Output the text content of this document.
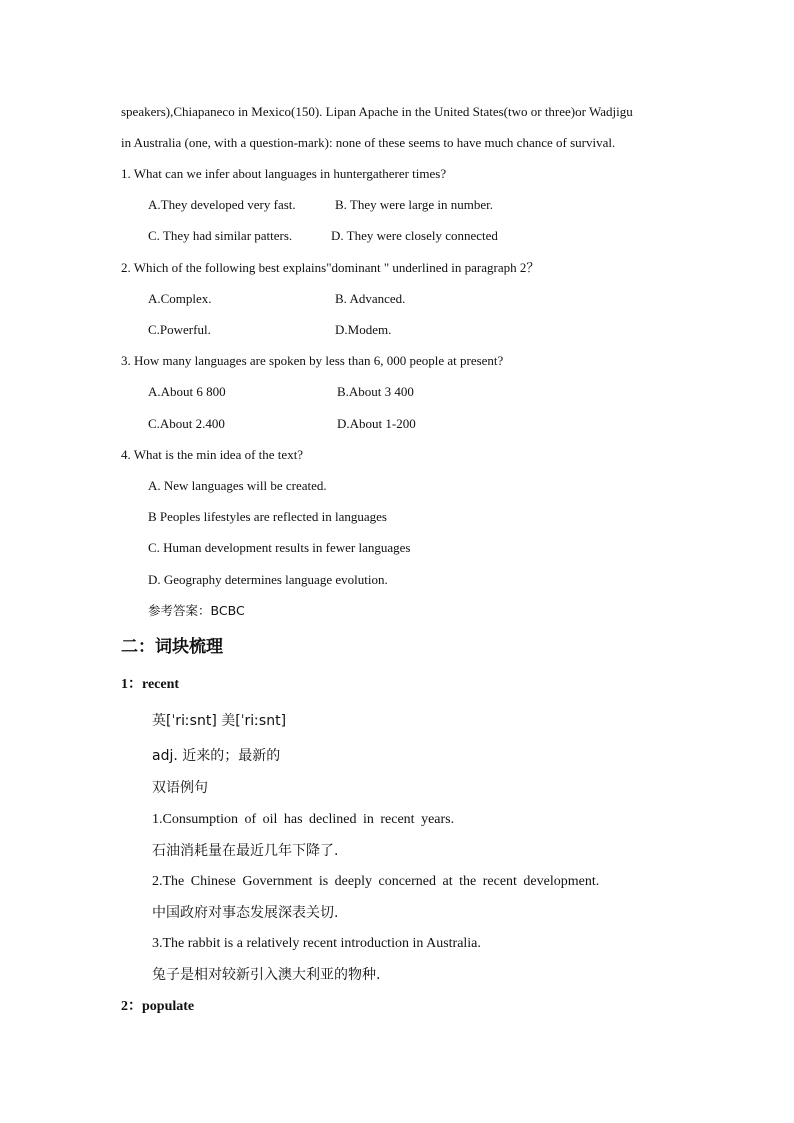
speakers),Chiapaneco in Mexico(150). Lipan Apache in the United States(two or three)or Wadjigu
in Australia (one, with a question-mark): none of these seems to have much chance of survival.
1. What can we infer about languages in huntergatherer times?
A.They developed very fast.	B. They were large in number.
C. They had similar patters.	D. They were closely connected
2. Which of the following best explains"dominant " underlined in paragraph 2？
A.Complex.	B. Advanced.
C.Powerful.	D.Modem.
3. How many languages are spoken by less than 6, 000 people at present?
A.About 6 800	B.About 3 400
C.About 2.400	D.About 1-200
4. What is the min idea of the text?
A. New languages will be created.
B Peoples lifestyles are reflected in languages
C. Human development results in fewer languages
D. Geography determines language evolution.
参考答案：BCBC
二：词块梳理
1：recent
英[ˈriːsnt] 美[ˈriːsnt]
adj. 近来的；最新的
双语例句
1.Consumption of oil has declined in recent years.
石油消耗量在最近几年下降了.
2.The Chinese Government is deeply concerned at the recent development.
中国政府对事态发展深表关切.
3.The rabbit is a relatively recent introduction in Australia.
兔子是相对较新引入澳大利亚的物种.
2：populate
